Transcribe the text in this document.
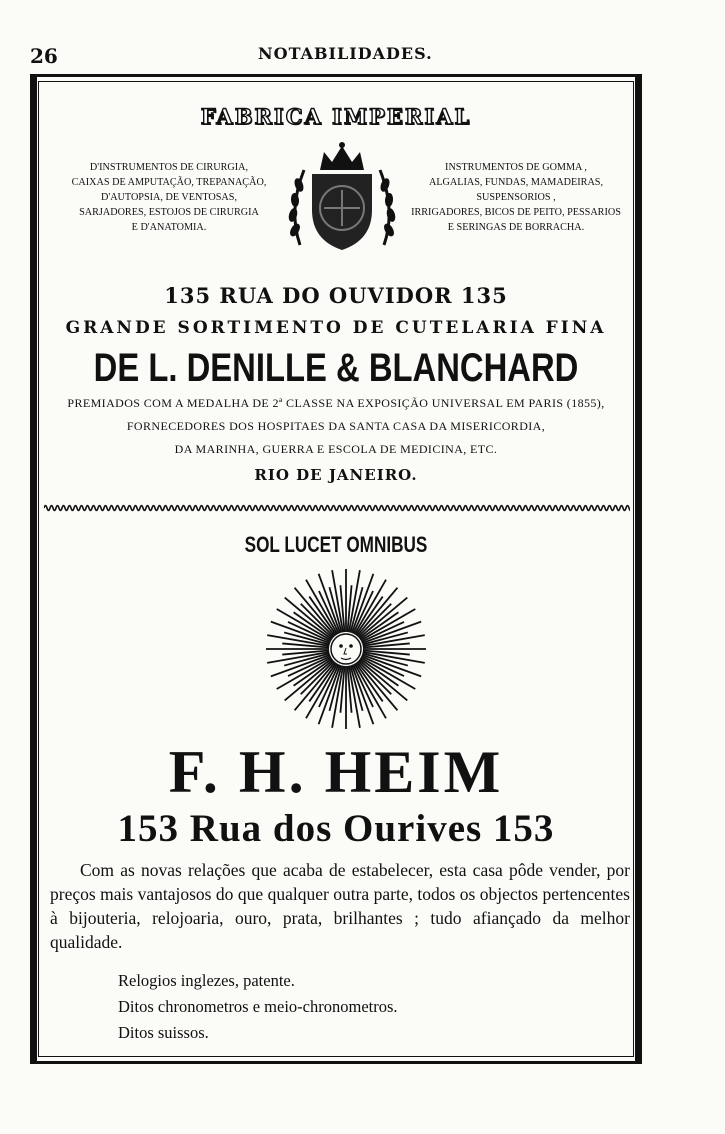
26	NOTABILIDADES.
FABRICA IMPERIAL
D'INSTRUMENTOS DE CIRURGIA,
CAIXAS DE AMPUTAÇÃO, TREPANAÇÃO,
D'AUTOPSIA, DE VENTOSAS,
SARJADORES, ESTOJOS DE CIRURGIA
E D'ANATOMIA.
INSTRUMENTOS DE GOMMA ,
ALGALIAS, FUNDAS, MAMADEIRAS,
SUSPENSORIOS ,
IRRIGADORES, BICOS DE PEITO, PESSARIOS
E SERINGAS DE BORRACHA.
135 RUA DO OUVIDOR 135
GRANDE SORTIMENTO DE CUTELARIA FINA
DE L. DENILLE & BLANCHARD
PREMIADOS COM A MEDALHA DE 2ª CLASSE NA EXPOSIÇÃO UNIVERSAL EM PARIS (1855),
FORNECEDORES DOS HOSPITAES DA SANTA CASA DA MISERICORDIA,
DA MARINHA, GUERRA E ESCOLA DE MEDICINA, ETC.
RIO DE JANEIRO.
SOL LUCET OMNIBUS
F. H. HEIM
153 Rua dos Ourives 153
Com as novas relações que acaba de estabelecer, esta casa pôde vender, por preços mais vantajosos do que qualquer outra parte, todos os objectos pertencentes à bijouteria, relojoaria, ouro, prata, brilhantes ; tudo afiançado da melhor qualidade.
Relogios inglezes, patente.
Ditos chronometros e meio-chronometros.
Ditos suissos.
